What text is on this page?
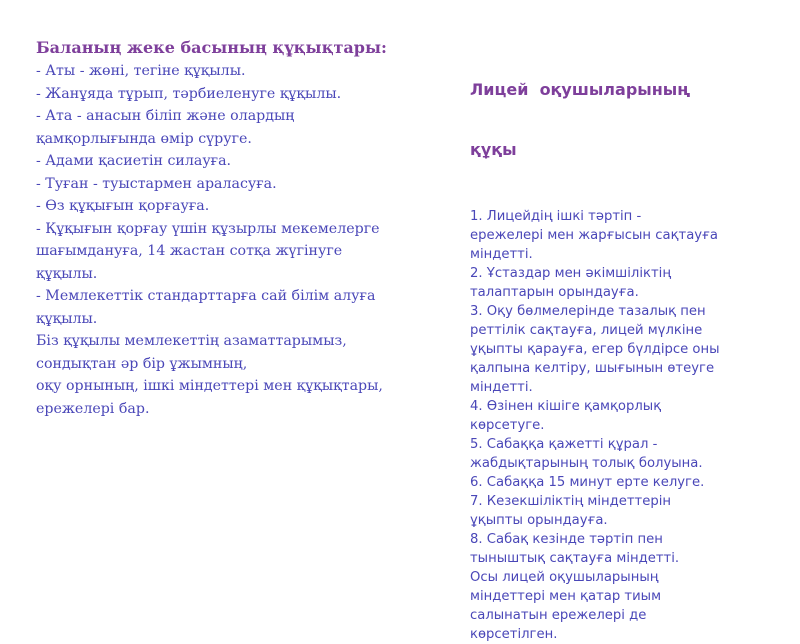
Баланың жеке басының құқықтары:

- Аты - жөні, тегіне құқылы.

- Жанұяда тұрып, тәрбиеленуге құқылы.

- Ата - анасын біліп және олардың

қамқорлығында өмір сүруге.

- Адами қасиетін силауға.

- Туған - туыстармен араласуға.

- Өз құқығын қорғауға.

- Құқығын қорғау үшін құзырлы мекемелерге

шағымдануға, 14 жастан сотқа жүгінуге

құқылы.

- Мемлекеттік стандарттарға сай білім алуға

құқылы.

Біз құқылы мемлекеттің азаматтарымыз,

сондықтан әр бір ұжымның,

оқу орнының, ішкі міндеттері мен құқықтары,

ережелері бар.

Лицей  оқушыларының

құқы

1. Лицейдің ішкі тәртіп -

ережелері мен жарғысын сақтауға

міндетті.

2. Ұстаздар мен әкімшіліктің

талаптарын орындауға.

3. Оқу бөлмелерінде тазалық пен

реттілік сақтауға, лицей мүлкіне

ұқыпты қарауға, егер бүлдірсе оны

қалпына келтіру, шығынын өтеуге

міндетті.

4. Өзінен кішіге қамқорлық

көрсетуге.

5. Сабаққа қажетті құрал -

жабдықтарының толық болуына.

6. Сабаққа 15 минут ерте келуге.

7. Кезекшіліктің міндеттерін

ұқыпты орындауға.

8. Сабақ кезінде тәртіп пен

тыныштық сақтауға міндетті.

Осы лицей оқушыларының

міндеттері мен қатар тиым

салынатын ережелері де

көрсетілген.
